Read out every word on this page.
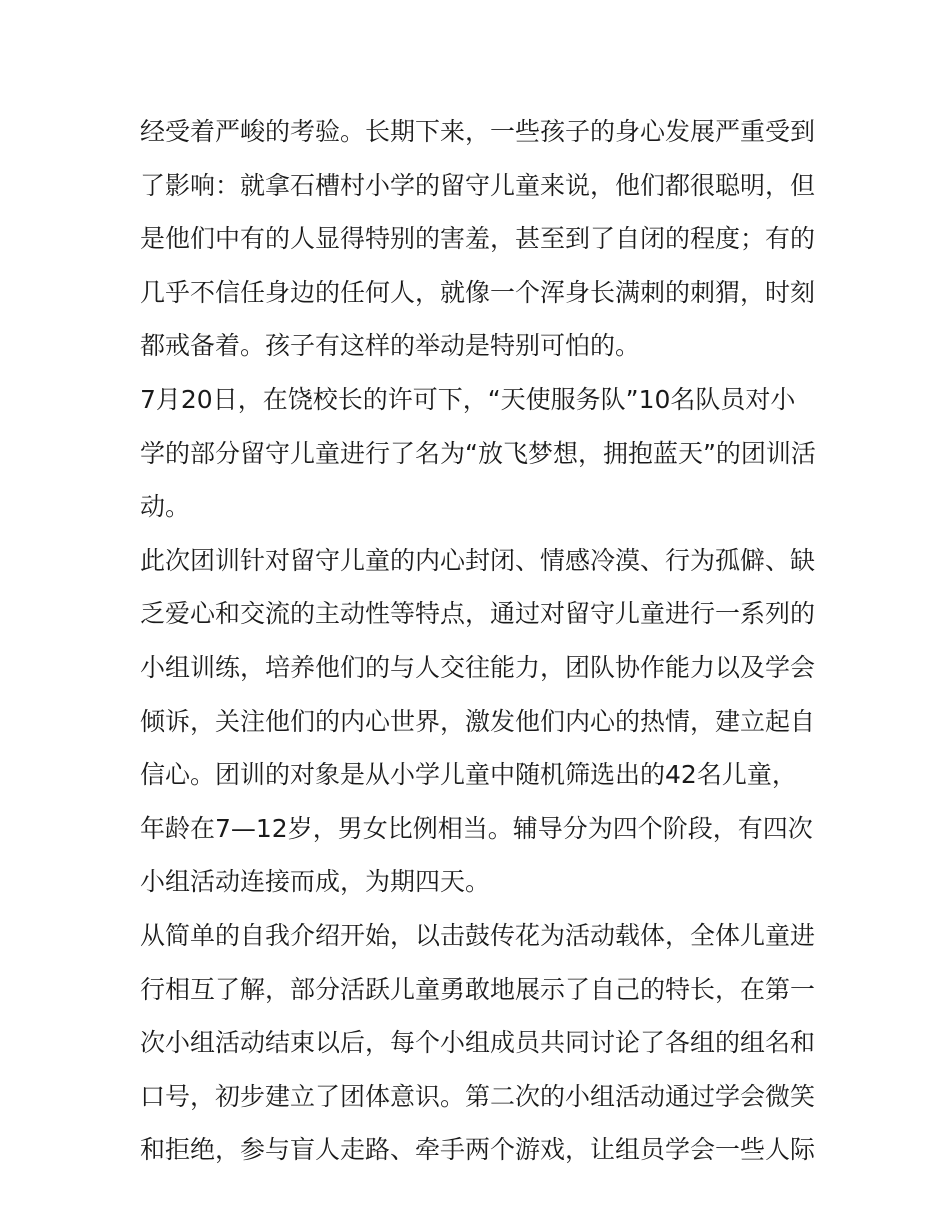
经受着严峻的考验。长期下来，一些孩子的身心发展严重受到
了影响：就拿石槽村小学的留守儿童来说，他们都很聪明，但
是他们中有的人显得特别的害羞，甚至到了自闭的程度；有的
几乎不信任身边的任何人，就像一个浑身长满刺的刺猬，时刻
都戒备着。孩子有这样的举动是特别可怕的。
7月20日，在饶校长的许可下，“天使服务队”10名队员对小
学的部分留守儿童进行了名为“放飞梦想，拥抱蓝天”的团训活
动。
此次团训针对留守儿童的内心封闭、情感冷漠、行为孤僻、缺
乏爱心和交流的主动性等特点，通过对留守儿童进行一系列的
小组训练，培养他们的与人交往能力，团队协作能力以及学会
倾诉，关注他们的内心世界，激发他们内心的热情，建立起自
信心。团训的对象是从小学儿童中随机筛选出的42名儿童，
年龄在7—12岁，男女比例相当。辅导分为四个阶段，有四次
小组活动连接而成，为期四天。
从简单的自我介绍开始，以击鼓传花为活动载体，全体儿童进
行相互了解，部分活跃儿童勇敢地展示了自己的特长，在第一
次小组活动结束以后，每个小组成员共同讨论了各组的组名和
口号，初步建立了团体意识。第二次的小组活动通过学会微笑
和拒绝，参与盲人走路、牵手两个游戏，让组员学会一些人际
